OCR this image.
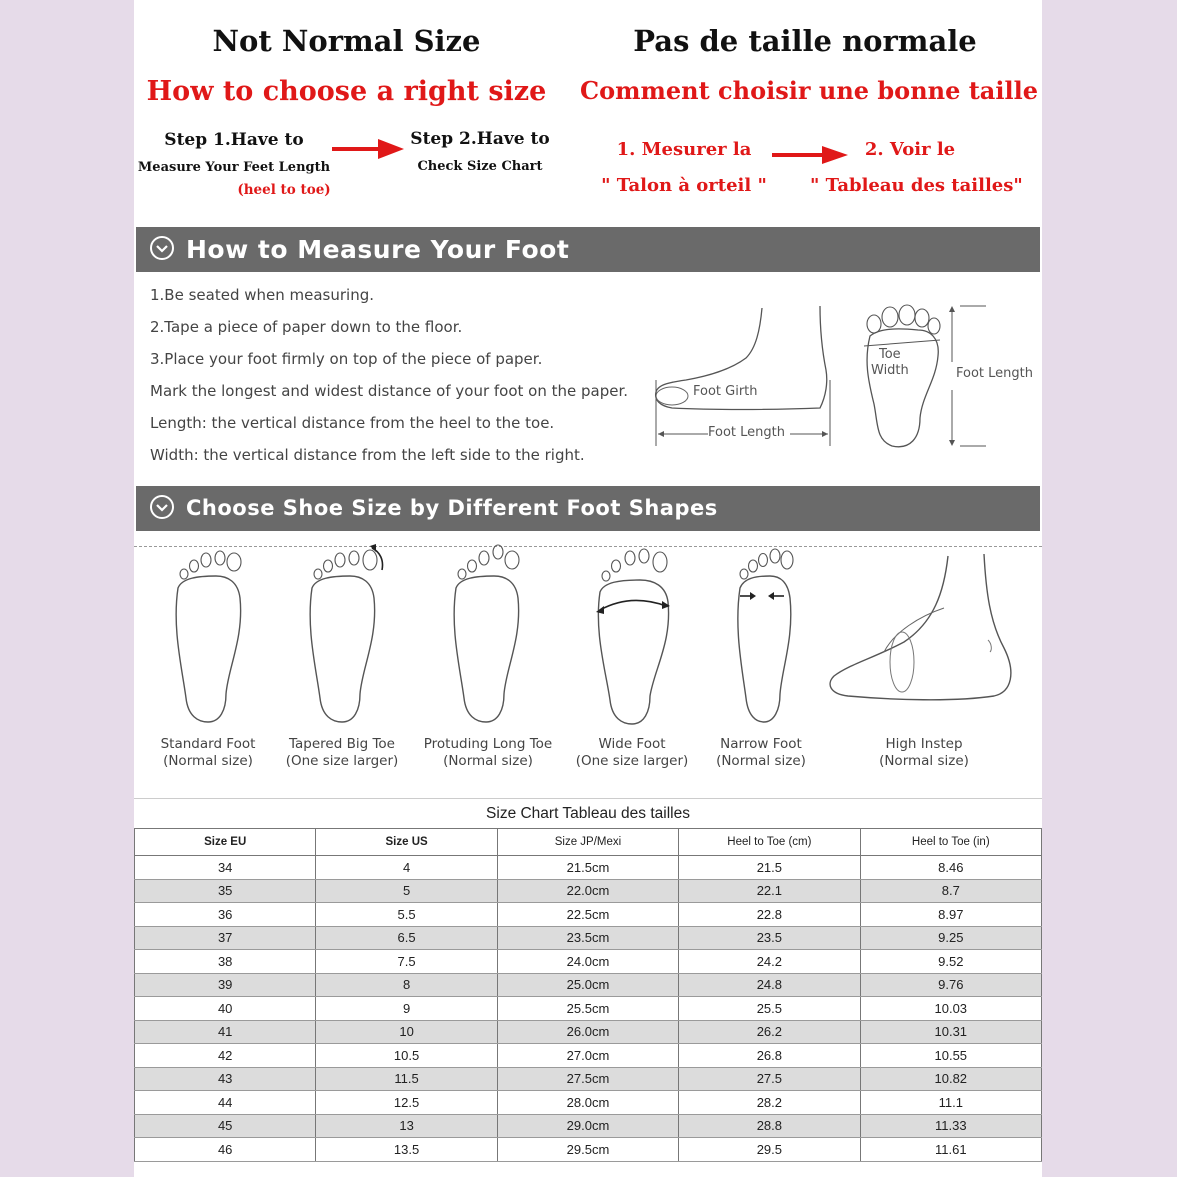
Not Normal Size
How to choose a right size
Step 1.Have to
Measure Your Feet Length
(heel to toe)
Step 2.Have to
Check Size Chart
Pas de taille normale
Comment choisir une bonne taille
1. Mesurer la
" Talon à orteil "
2. Voir le
" Tableau des tailles"
How to Measure Your Foot
1.Be seated when measuring.
2.Tape a piece of paper down to the floor.
3.Place your foot firmly on top of the piece of paper.
Mark the longest and widest distance of your foot on the paper.
Length: the vertical distance from the heel to the toe.
Width: the vertical distance from the left side to the right.
Foot Girth
Foot Length
Toe
Width	Foot Length
Choose Shoe Size by Different Foot Shapes
Standard Foot
(Normal size)
Tapered Big Toe
(One size larger)
Protuding Long Toe
(Normal size)
Wide Foot
(One size larger)
Narrow Foot
(Normal size)
High Instep
(Normal size)
Size Chart Tableau des tailles
Size EU	Size US	Size JP/Mexi	Heel to Toe (cm)	Heel to Toe (in)
34	4	21.5cm	21.5	8.46
35	5	22.0cm	22.1	8.7
36	5.5	22.5cm	22.8	8.97
37	6.5	23.5cm	23.5	9.25
38	7.5	24.0cm	24.2	9.52
39	8	25.0cm	24.8	9.76
40	9	25.5cm	25.5	10.03
41	10	26.0cm	26.2	10.31
42	10.5	27.0cm	26.8	10.55
43	11.5	27.5cm	27.5	10.82
44	12.5	28.0cm	28.2	11.1
45	13	29.0cm	28.8	11.33
46	13.5	29.5cm	29.5	11.61
